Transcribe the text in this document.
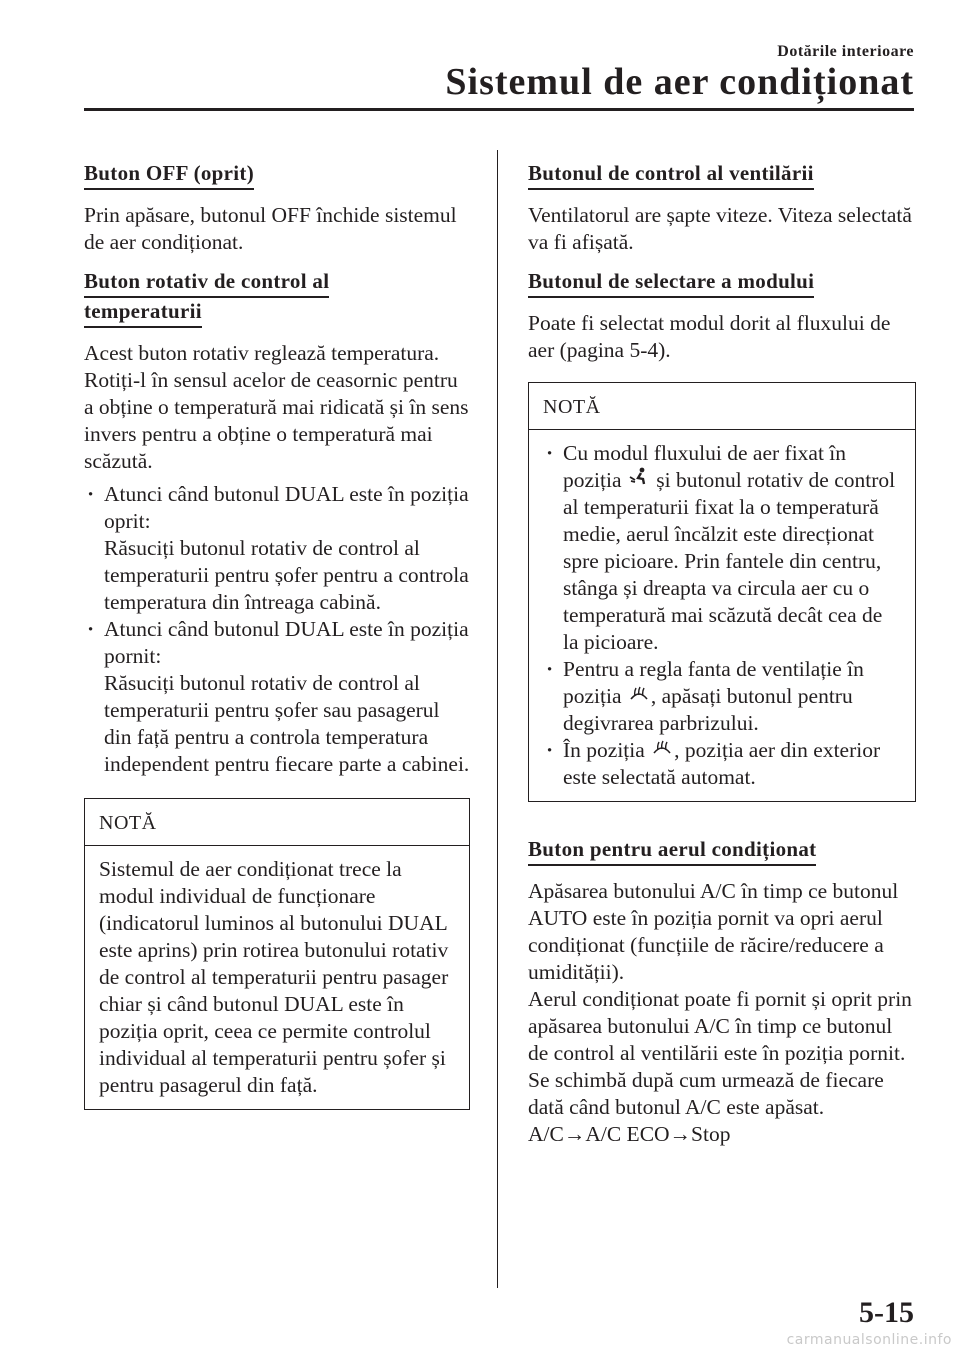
Dotările interioare
Sistemul de aer condiționat
Buton OFF (oprit)

Prin apăsare, butonul OFF închide sistemul de aer condiționat.

Buton rotativ de control al
temperaturii

Acest buton rotativ reglează temperatura. Rotiți-l în sensul acelor de ceasornic pentru a obține o temperatură mai ridicată și în sens invers pentru a obține o temperatură mai scăzută.

· Atunci când butonul DUAL este în poziția oprit:
Răsuciți butonul rotativ de control al temperaturii pentru șofer pentru a controla temperatura din întreaga cabină.
· Atunci când butonul DUAL este în poziția pornit:
Răsuciți butonul rotativ de control al temperaturii pentru șofer sau pasagerul din față pentru a controla temperatura independent pentru fiecare parte a cabinei.
NOTĂ
Sistemul de aer condiționat trece la modul individual de funcționare (indicatorul luminos al butonului DUAL este aprins) prin rotirea butonului rotativ de control al temperaturii pentru pasager chiar și când butonul DUAL este în poziția oprit, ceea ce permite controlul individual al temperaturii pentru șofer și pentru pasagerul din față.
Butonul de control al ventilării

Ventilatorul are șapte viteze. Viteza selectată va fi afișată.

Butonul de selectare a modului

Poate fi selectat modul dorit al fluxului de aer (pagina 5-4).

NOTĂ
· Cu modul fluxului de aer fixat în poziția și butonul rotativ de control al temperaturii fixat la o temperatură medie, aerul încălzit este direcționat spre picioare. Prin fantele din centru, stânga și dreapta va circula aer cu o temperatură mai scăzută decât cea de la picioare.
· Pentru a regla fanta de ventilație în poziția , apăsați butonul pentru degivrarea parbrizului.
· În poziția , poziția aer din exterior este selectată automat.
Buton pentru aerul condiționat

Apăsarea butonului A/C în timp ce butonul AUTO este în poziția pornit va opri aerul condiționat (funcțiile de răcire/reducere a umidității).

Aerul condiționat poate fi pornit și oprit prin apăsarea butonului A/C în timp ce butonul de control al ventilării este în poziția pornit.

Se schimbă după cum urmează de fiecare dată când butonul A/C este apăsat.

A/C→A/C ECO→Stop

5-15
carmanualsonline.info
